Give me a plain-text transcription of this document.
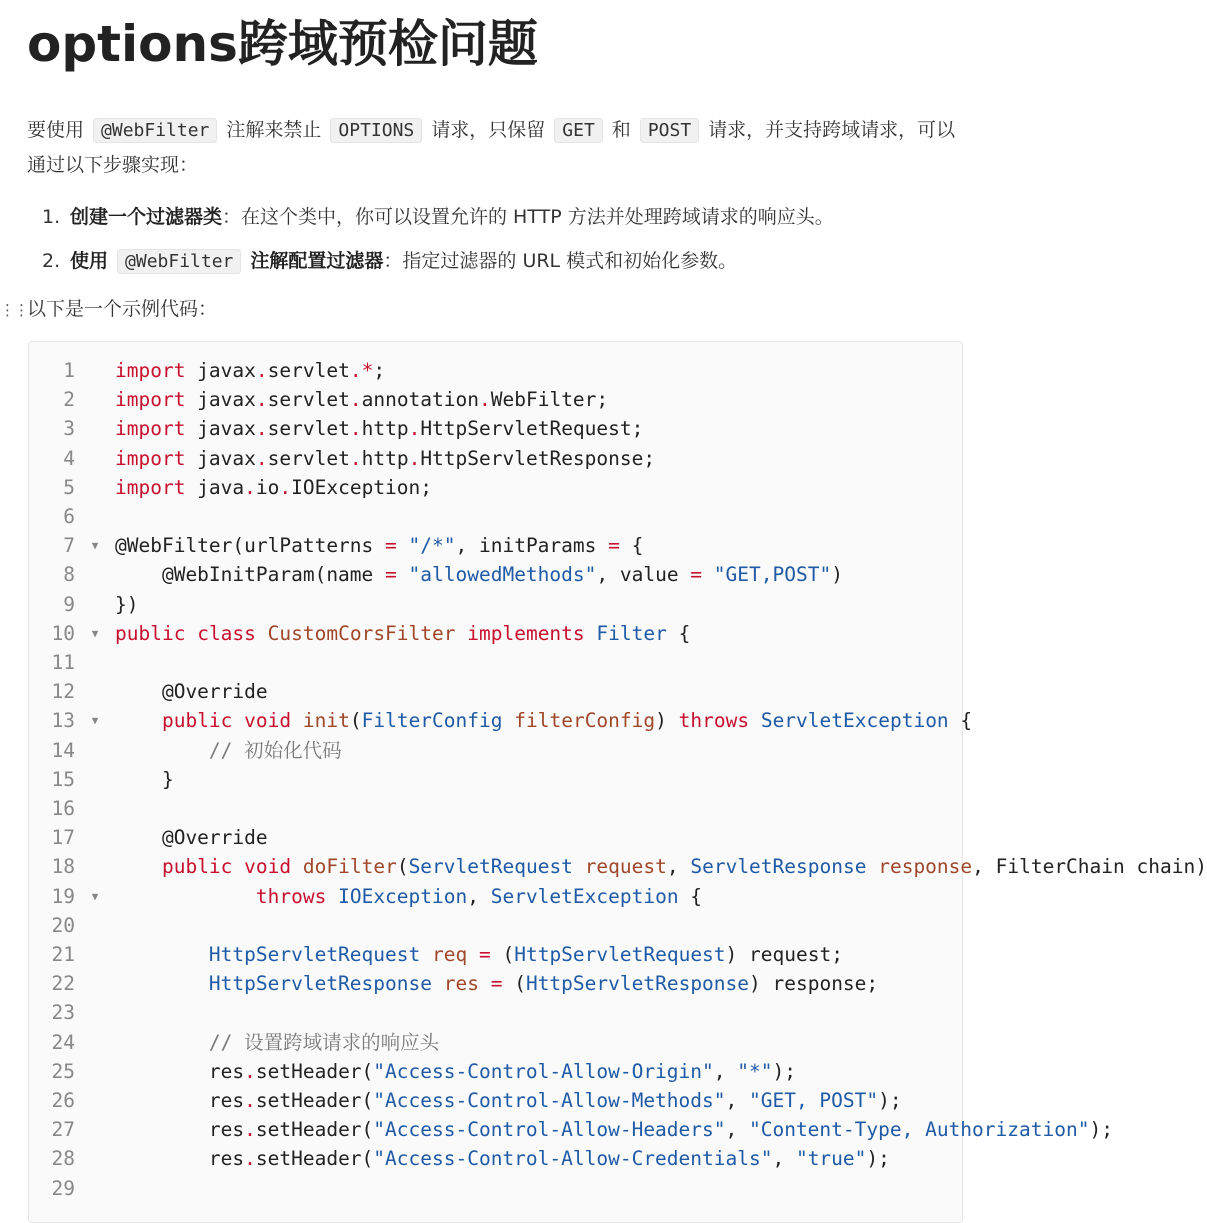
options跨域预检问题

要使用 @WebFilter 注解来禁止 OPTIONS 请求，只保留 GET 和 POST 请求，并支持跨域请求，可以通过以下步骤实现：

1. 创建一个过滤器类：在这个类中，你可以设置允许的 HTTP 方法并处理跨域请求的响应头。
2. 使用 @WebFilter 注解配置过滤器：指定过滤器的 URL 模式和初始化参数。
⋮⋮以下是一个示例代码：
1 import javax.servlet.*;
2 import javax.servlet.annotation.WebFilter;
3 import javax.servlet.http.HttpServletRequest;
4 import javax.servlet.http.HttpServletResponse;
5 import java.io.IOException;
6
7 ▼ @WebFilter(urlPatterns = "/*", initParams = {
8    @WebInitParam(name = "allowedMethods", value = "GET,POST")
9 })
10 ▼ public class CustomCorsFilter implements Filter {
11
12    @Override
13 ▼	public void init(FilterConfig filterConfig) throws ServletException {
14        // 初始化代码
15    }
16
17    @Override
18	public void doFilter(ServletRequest request, ServletResponse response, FilterChain chain)
19 ▼	throws IOException, ServletException {
20
21	HttpServletRequest req = (HttpServletRequest) request;
22	HttpServletResponse res = (HttpServletResponse) response;
23
24        // 设置跨域请求的响应头
25        res.setHeader("Access-Control-Allow-Origin", "*");
26        res.setHeader("Access-Control-Allow-Methods", "GET, POST");
27        res.setHeader("Access-Control-Allow-Headers", "Content-Type, Authorization");
28        res.setHeader("Access-Control-Allow-Credentials", "true");
29
